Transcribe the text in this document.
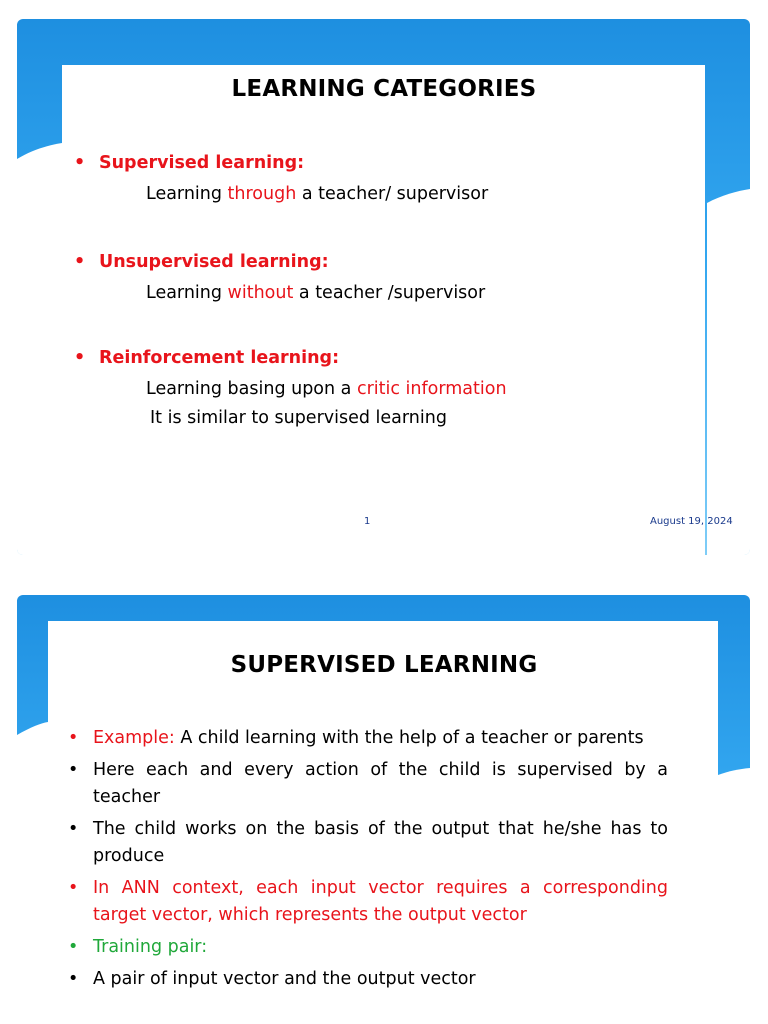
LEARNING CATEGORIES
• Supervised learning:
Learning through a teacher/ supervisor
• Unsupervised learning:
Learning without a teacher /supervisor
• Reinforcement learning:
Learning basing upon a critic information
It is similar to supervised learning
1	August 19, 2024
SUPERVISED LEARNING
• Example: A child learning with the help of a teacher or parents
• Here each and every action of the child is supervised by a teacher
• The child works on the basis of the output that he/she has to produce
• In ANN context, each input vector requires a corresponding target vector, which represents the output vector
• Training pair:
• A pair of input vector and the output vector
